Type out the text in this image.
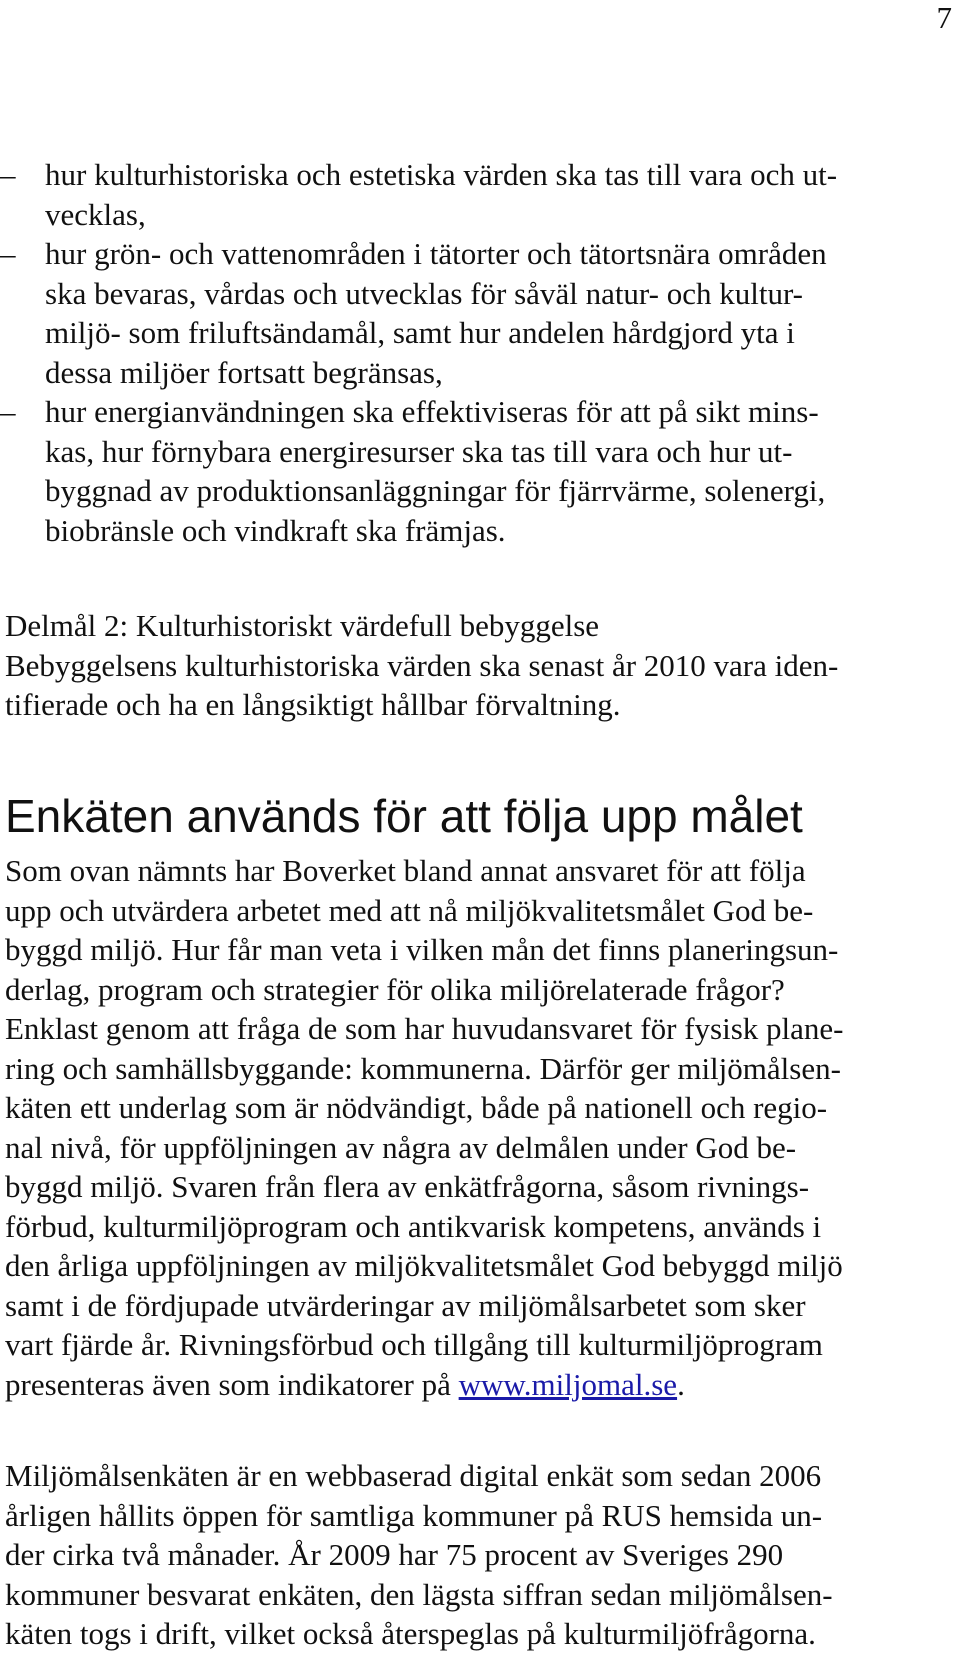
7
– hur kulturhistoriska och estetiska värden ska tas till vara och ut-
vecklas,
– hur grön- och vattenområden i tätorter och tätortsnära områden
ska bevaras, vårdas och utvecklas för såväl natur- och kultur-
miljö- som friluftsändamål, samt hur andelen hårdgjord yta i
dessa miljöer fortsatt begränsas,
– hur energianvändningen ska effektiviseras för att på sikt mins-
kas, hur förnybara energiresurser ska tas till vara och hur ut-
byggnad av produktionsanläggningar för fjärrvärme, solenergi,
biobränsle och vindkraft ska främjas.
Delmål 2: Kulturhistoriskt värdefull bebyggelse
Bebyggelsens kulturhistoriska värden ska senast år 2010 vara iden-
tifierade och ha en långsiktigt hållbar förvaltning.
Enkäten används för att följa upp målet
Som ovan nämnts har Boverket bland annat ansvaret för att följa
upp och utvärdera arbetet med att nå miljökvalitetsmålet God be-
byggd miljö. Hur får man veta i vilken mån det finns planeringsun-
derlag, program och strategier för olika miljörelaterade frågor?
Enklast genom att fråga de som har huvudansvaret för fysisk plane-
ring och samhällsbyggande: kommunerna. Därför ger miljömålsen-
käten ett underlag som är nödvändigt, både på nationell och regio-
nal nivå, för uppföljningen av några av delmålen under God be-
byggd miljö. Svaren från flera av enkätfrågorna, såsom rivnings-
förbud, kulturmiljöprogram och antikvarisk kompetens, används i
den årliga uppföljningen av miljökvalitetsmålet God bebyggd miljö
samt i de fördjupade utvärderingar av miljömålsarbetet som sker
vart fjärde år. Rivningsförbud och tillgång till kulturmiljöprogram
presenteras även som indikatorer på www.miljomal.se.
Miljömålsenkäten är en webbaserad digital enkät som sedan 2006
årligen hållits öppen för samtliga kommuner på RUS hemsida un-
der cirka två månader. År 2009 har 75 procent av Sveriges 290
kommuner besvarat enkäten, den lägsta siffran sedan miljömålsen-
käten togs i drift, vilket också återspeglas på kulturmiljöfrågorna.
